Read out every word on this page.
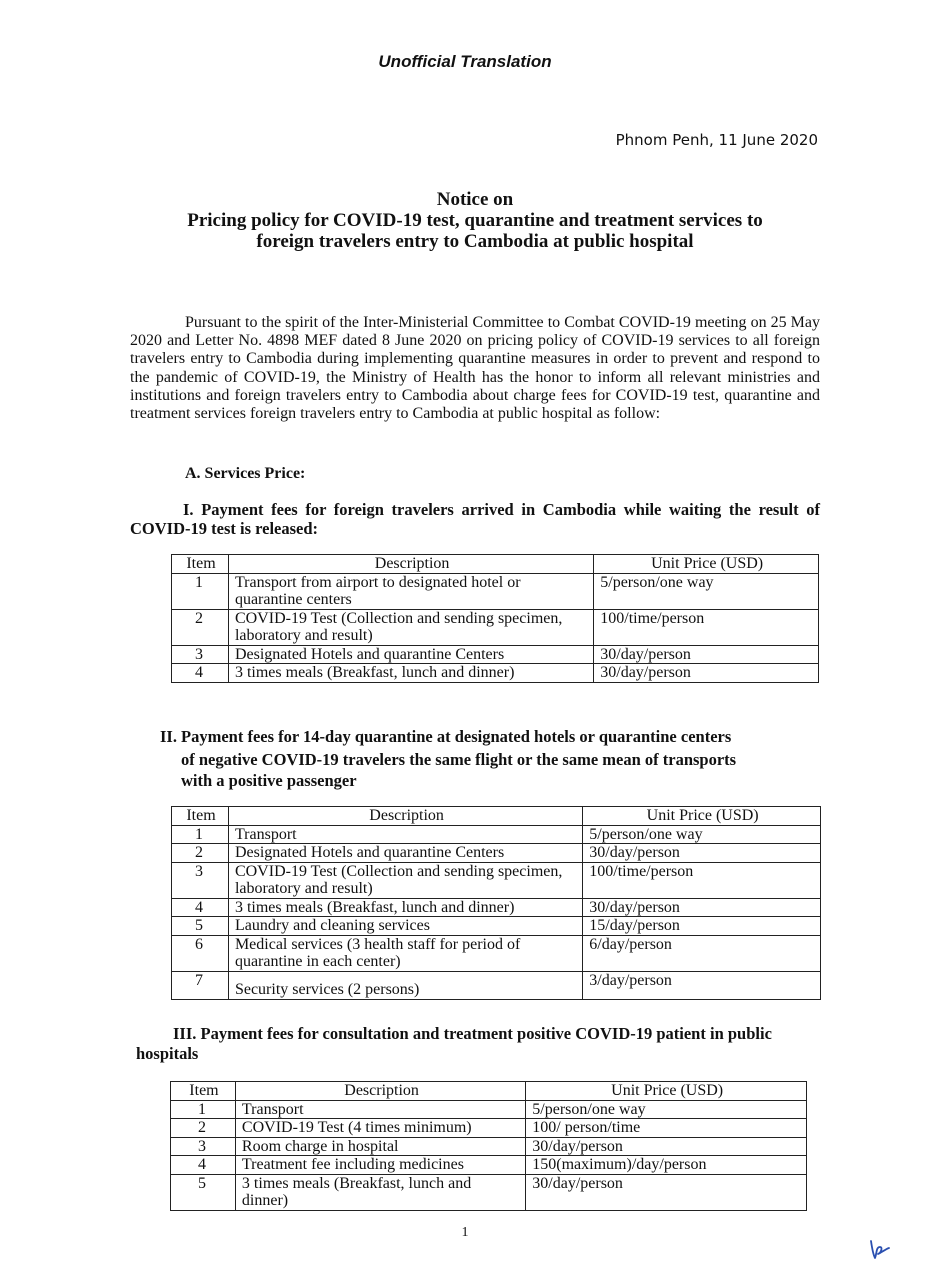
Unofficial Translation
Phnom Penh, 11 June 2020
Notice on
Pricing policy for COVID-19 test, quarantine and treatment services to
foreign travelers entry to Cambodia at public hospital
Pursuant to the spirit of the Inter-Ministerial Committee to Combat COVID-19 meeting on 25 May 2020 and Letter No. 4898 MEF dated 8 June 2020 on pricing policy of COVID-19 services to all foreign travelers entry to Cambodia during implementing quarantine measures in order to prevent and respond to the pandemic of COVID-19, the Ministry of Health has the honor to inform all relevant ministries and institutions and foreign travelers entry to Cambodia about charge fees for COVID-19 test, quarantine and treatment services foreign travelers entry to Cambodia at public hospital as follow:
A. Services Price:
I. Payment fees for foreign travelers arrived in Cambodia while waiting the result of COVID-19 test is released:
Item	Description	Unit Price (USD)
1	Transport from airport to designated hotel or quarantine centers	5/person/one way
2	COVID-19 Test (Collection and sending specimen, laboratory and result)	100/time/person
3	Designated Hotels and quarantine Centers	30/day/person
4	3 times meals (Breakfast, lunch and dinner)	30/day/person
II. Payment fees for 14-day quarantine at designated hotels or quarantine centers
of negative COVID-19 travelers the same flight or the same mean of transports
with a positive passenger
Item	Description	Unit Price (USD)
1	Transport	5/person/one way
2	Designated Hotels and quarantine Centers	30/day/person
3	COVID-19 Test (Collection and sending specimen, laboratory and result)	100/time/person
4	3 times meals (Breakfast, lunch and dinner)	30/day/person
5	Laundry and cleaning services	15/day/person
6	Medical services (3 health staff for period of quarantine in each center)	6/day/person
7	Security services (2 persons)	3/day/person
III. Payment fees for consultation and treatment positive COVID-19 patient in public hospitals
Item	Description	Unit Price (USD)
1	Transport	5/person/one way
2	COVID-19 Test (4 times minimum)	100/ person/time
3	Room charge in hospital	30/day/person
4	Treatment fee including medicines	150(maximum)/day/person
5	3 times meals (Breakfast, lunch and dinner)	30/day/person
1
